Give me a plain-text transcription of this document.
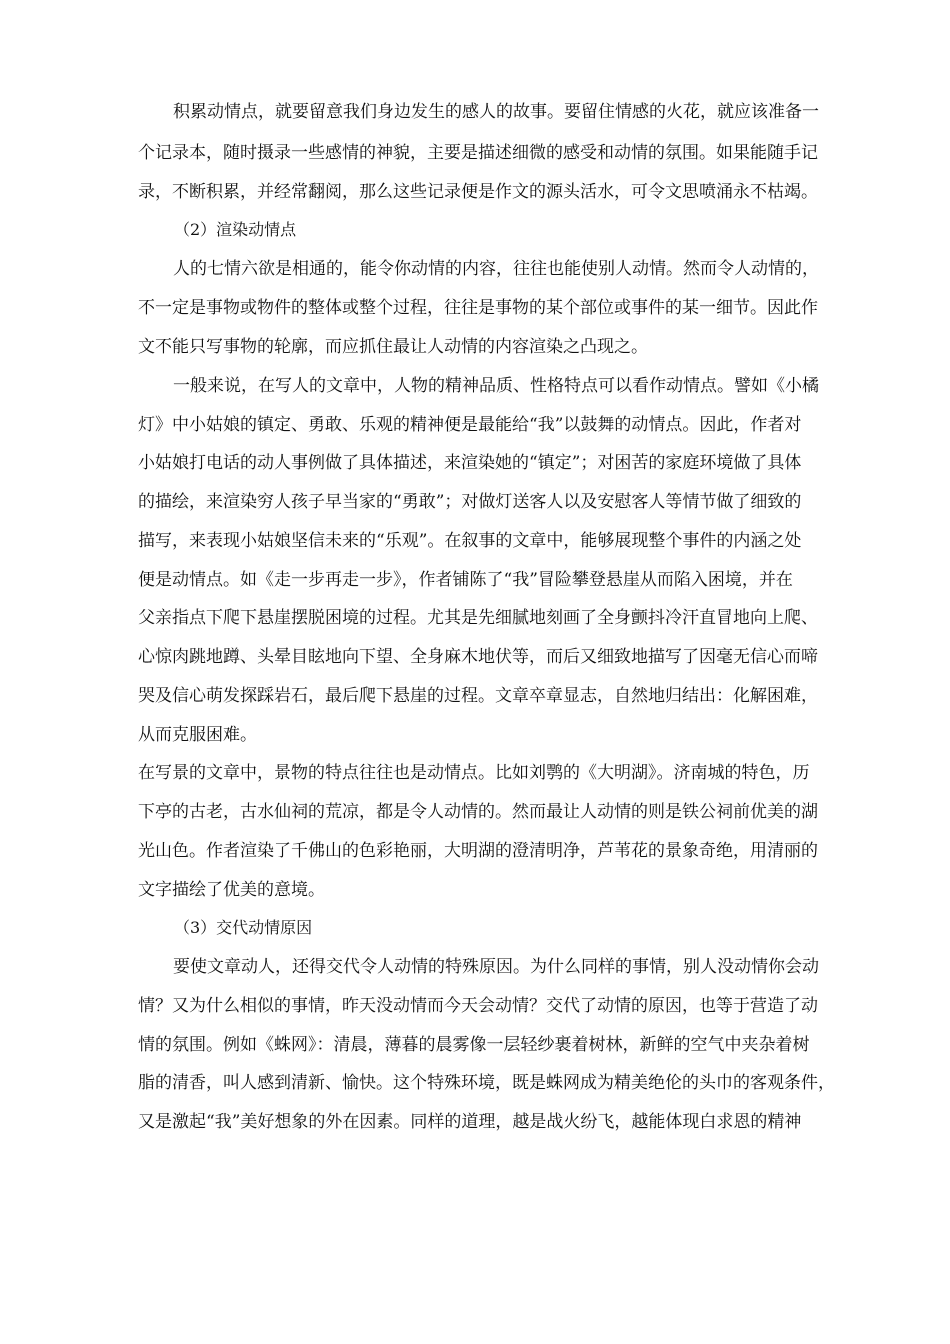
积累动情点，就要留意我们身边发生的感人的故事。要留住情感的火花，就应该准备一
个记录本，随时摄录一些感情的神貌，主要是描述细微的感受和动情的氛围。如果能随手记
录，不断积累，并经常翻阅，那么这些记录便是作文的源头活水，可令文思喷涌永不枯竭。
（2）渲染动情点
人的七情六欲是相通的，能令你动情的内容，往往也能使别人动情。然而令人动情的，
不一定是事物或物件的整体或整个过程，往往是事物的某个部位或事件的某一细节。因此作
文不能只写事物的轮廓，而应抓住最让人动情的内容渲染之凸现之。
一般来说，在写人的文章中，人物的精神品质、性格特点可以看作动情点。譬如《小橘
灯》中小姑娘的镇定、勇敢、乐观的精神便是最能给“我”以鼓舞的动情点。因此，作者对
小姑娘打电话的动人事例做了具体描述，来渲染她的“镇定”；对困苦的家庭环境做了具体
的描绘，来渲染穷人孩子早当家的“勇敢”；对做灯送客人以及安慰客人等情节做了细致的
描写，来表现小姑娘坚信未来的“乐观”。在叙事的文章中，能够展现整个事件的内涵之处
便是动情点。如《走一步再走一步》，作者铺陈了“我”冒险攀登悬崖从而陷入困境，并在
父亲指点下爬下悬崖摆脱困境的过程。尤其是先细腻地刻画了全身颤抖冷汗直冒地向上爬、
心惊肉跳地蹲、头晕目眩地向下望、全身麻木地伏等，而后又细致地描写了因毫无信心而啼
哭及信心萌发探踩岩石，最后爬下悬崖的过程。文章卒章显志，自然地归结出：化解困难，
从而克服困难。
在写景的文章中，景物的特点往往也是动情点。比如刘鹗的《大明湖》。济南城的特色，历
下亭的古老，古水仙祠的荒凉，都是令人动情的。然而最让人动情的则是铁公祠前优美的湖
光山色。作者渲染了千佛山的色彩艳丽，大明湖的澄清明净，芦苇花的景象奇绝，用清丽的
文字描绘了优美的意境。
（3）交代动情原因
要使文章动人，还得交代令人动情的特殊原因。为什么同样的事情，别人没动情你会动
情？又为什么相似的事情，昨天没动情而今天会动情？交代了动情的原因，也等于营造了动
情的氛围。例如《蛛网》：清晨，薄暮的晨雾像一层轻纱裹着树林，新鲜的空气中夹杂着树
脂的清香，叫人感到清新、愉快。这个特殊环境，既是蛛网成为精美绝伦的头巾的客观条件，
又是激起“我”美好想象的外在因素。同样的道理，越是战火纷飞，越能体现白求恩的精神
